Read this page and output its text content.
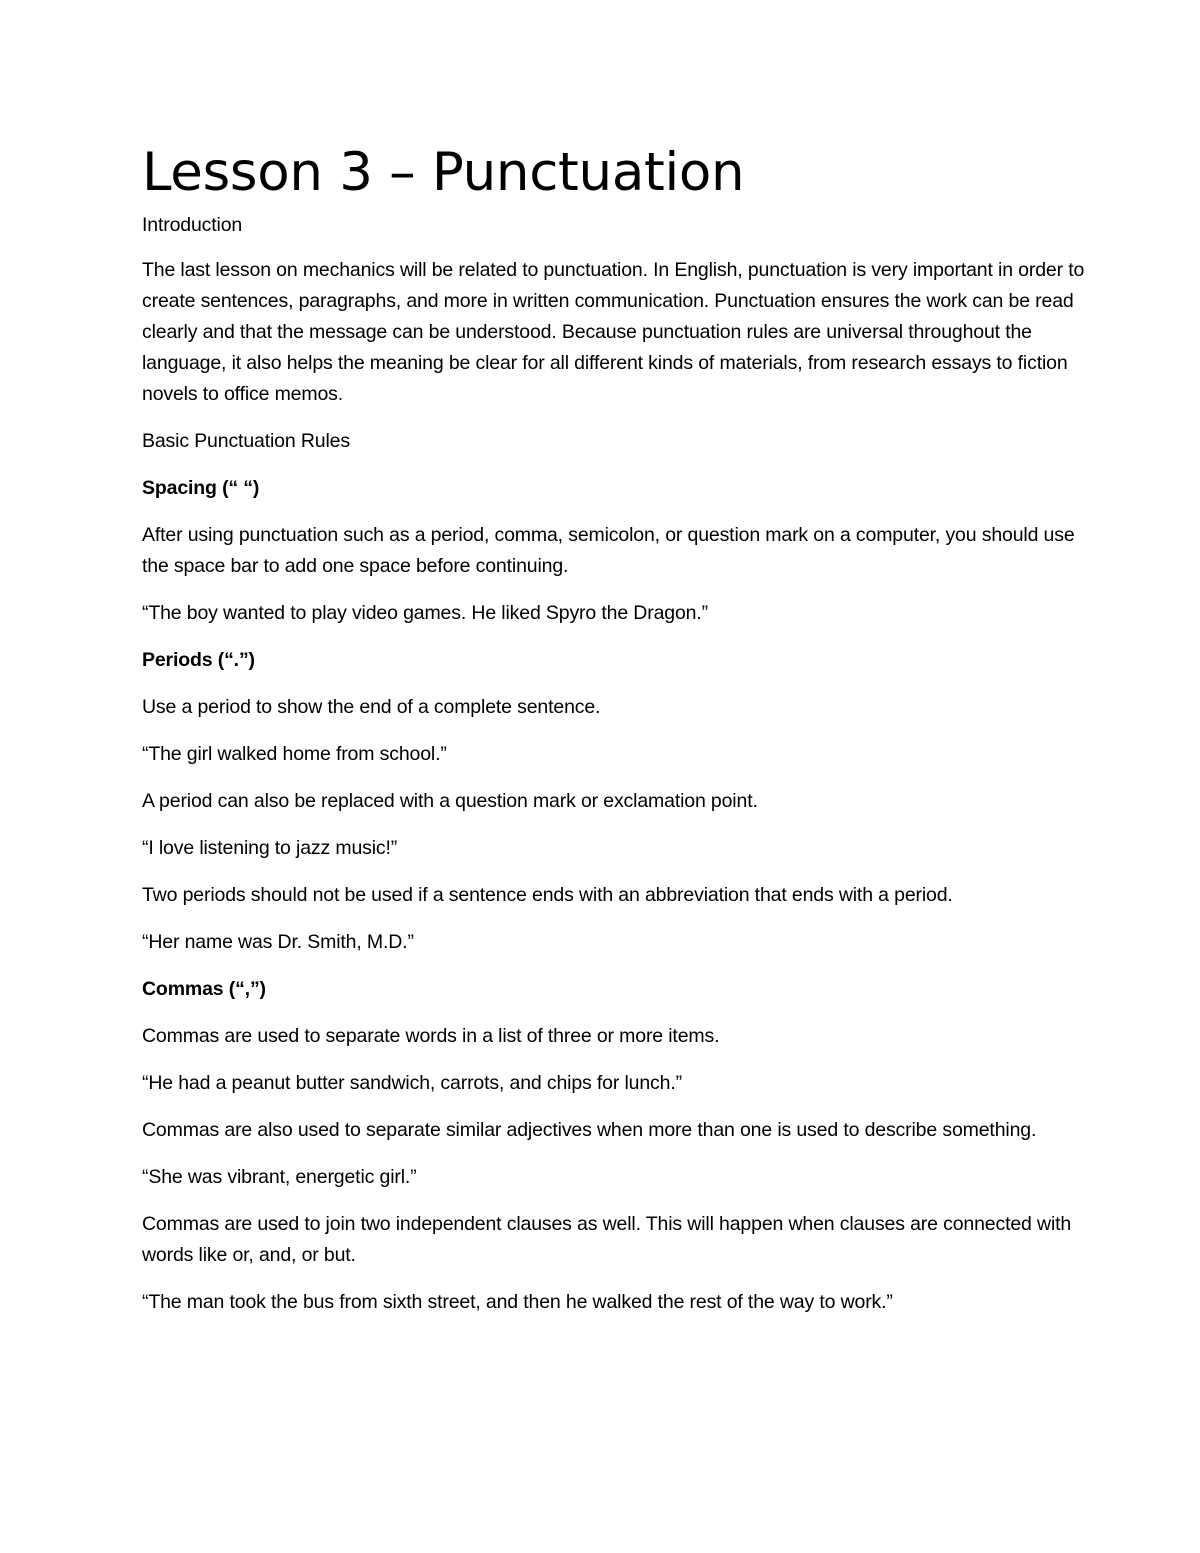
Lesson 3 – Punctuation

Introduction

The last lesson on mechanics will be related to punctuation. In English, punctuation is very important in order to create sentences, paragraphs, and more in written communication. Punctuation ensures the work can be read clearly and that the message can be understood. Because punctuation rules are universal throughout the language, it also helps the meaning be clear for all different kinds of materials, from research essays to fiction novels to office memos.

Basic Punctuation Rules

Spacing (“ “)

After using punctuation such as a period, comma, semicolon, or question mark on a computer, you should use the space bar to add one space before continuing.

“The boy wanted to play video games. He liked Spyro the Dragon.”

Periods (“.”)

Use a period to show the end of a complete sentence.

“The girl walked home from school.”

A period can also be replaced with a question mark or exclamation point.

“I love listening to jazz music!”

Two periods should not be used if a sentence ends with an abbreviation that ends with a period.

“Her name was Dr. Smith, M.D.”

Commas (“,”)

Commas are used to separate words in a list of three or more items.

“He had a peanut butter sandwich, carrots, and chips for lunch.”

Commas are also used to separate similar adjectives when more than one is used to describe something.

“She was vibrant, energetic girl.”

Commas are used to join two independent clauses as well. This will happen when clauses are connected with words like or, and, or but.

“The man took the bus from sixth street, and then he walked the rest of the way to work.”
